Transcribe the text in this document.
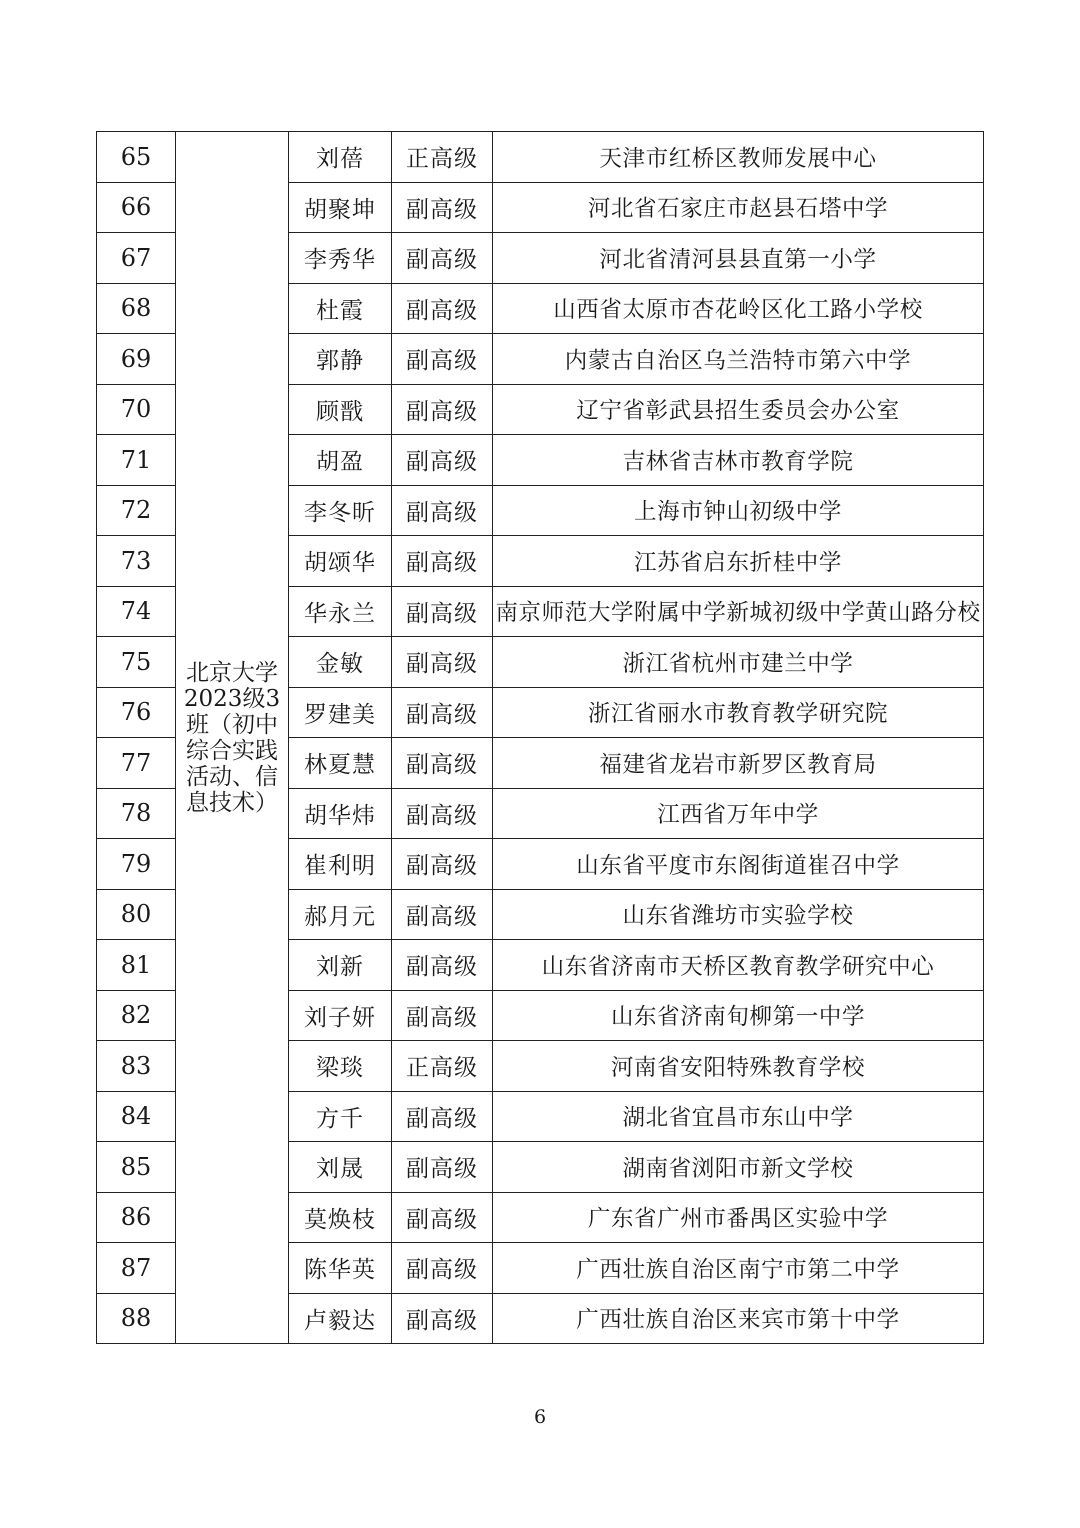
65	北京大学2023级3班（初中综合实践活动、信息技术）	刘蓓	正高级	天津市红桥区教师发展中心
66		胡聚坤	副高级	河北省石家庄市赵县石塔中学
67		李秀华	副高级	河北省清河县县直第一小学
68		杜霞	副高级	山西省太原市杏花岭区化工路小学校
69		郭静	副高级	内蒙古自治区乌兰浩特市第六中学
70		顾戬	副高级	辽宁省彰武县招生委员会办公室
71		胡盈	副高级	吉林省吉林市教育学院
72		李冬昕	副高级	上海市钟山初级中学
73		胡颂华	副高级	江苏省启东折桂中学
74		华永兰	副高级	南京师范大学附属中学新城初级中学黄山路分校
75		金敏	副高级	浙江省杭州市建兰中学
76		罗建美	副高级	浙江省丽水市教育教学研究院
77		林夏慧	副高级	福建省龙岩市新罗区教育局
78		胡华炜	副高级	江西省万年中学
79		崔利明	副高级	山东省平度市东阁街道崔召中学
80		郝月元	副高级	山东省潍坊市实验学校
81		刘新	副高级	山东省济南市天桥区教育教学研究中心
82		刘子妍	副高级	山东省济南旬柳第一中学
83		梁琰	正高级	河南省安阳特殊教育学校
84		方千	副高级	湖北省宜昌市东山中学
85		刘晟	副高级	湖南省浏阳市新文学校
86		莫焕枝	副高级	广东省广州市番禺区实验中学
87		陈华英	副高级	广西壮族自治区南宁市第二中学
88		卢毅达	副高级	广西壮族自治区来宾市第十中学
6
